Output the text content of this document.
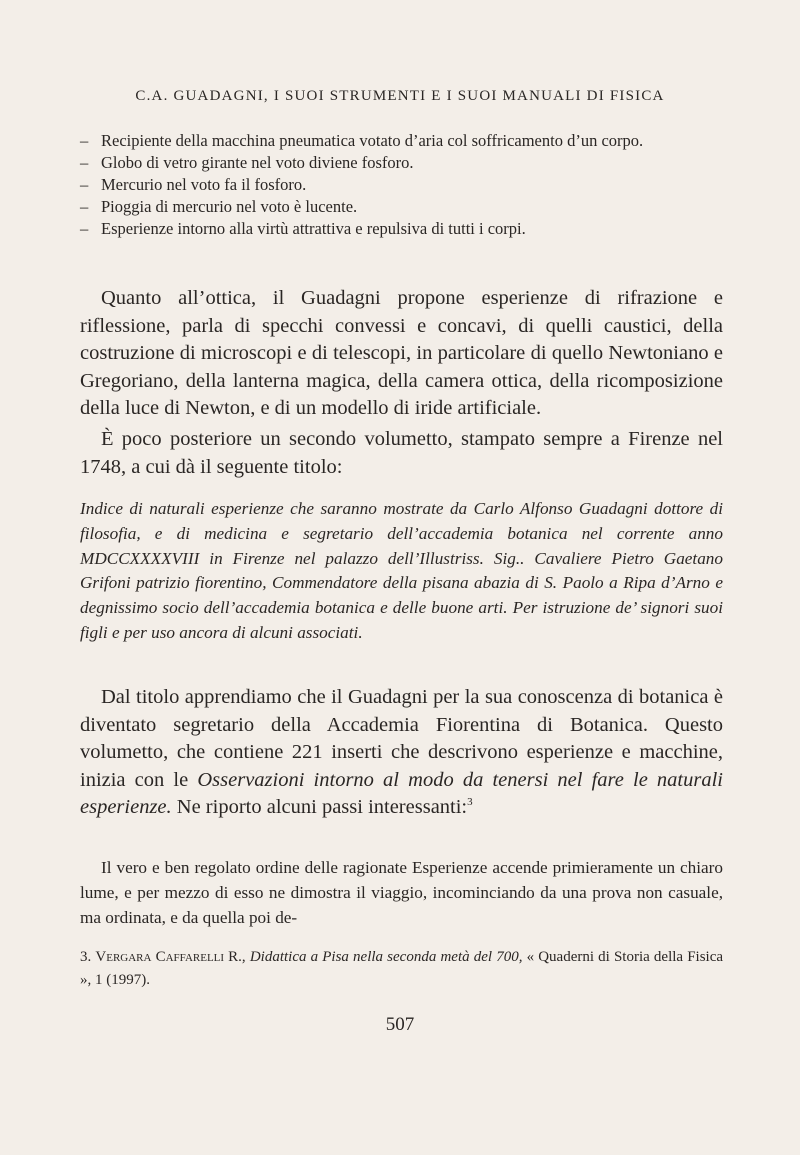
C.A. GUADAGNI, I SUOI STRUMENTI E I SUOI MANUALI DI FISICA
– Recipiente della macchina pneumatica votato d’aria col soffricamento d’un corpo.
– Globo di vetro girante nel voto diviene fosforo.
– Mercurio nel voto fa il fosforo.
– Pioggia di mercurio nel voto è lucente.
– Esperienze intorno alla virtù attrattiva e repulsiva di tutti i corpi.
Quanto all’ottica, il Guadagni propone esperienze di rifrazione e riflessione, parla di specchi convessi e concavi, di quelli caustici, della costruzione di microscopi e di telescopi, in particolare di quello Newtoniano e Gregoriano, della lanterna magica, della camera ottica, della ricomposizione della luce di Newton, e di un modello di iride artificiale.
È poco posteriore un secondo volumetto, stampato sempre a Firenze nel 1748, a cui dà il seguente titolo:
Indice di naturali esperienze che saranno mostrate da Carlo Alfonso Guadagni dottore di filosofia, e di medicina e segretario dell’accademia botanica nel corrente anno MDCCXXXXVIII in Firenze nel palazzo dell’Illustriss. Sig.. Cavaliere Pietro Gaetano Grifoni patrizio fiorentino, Commendatore della pisana abazia di S. Paolo a Ripa d’Arno e degnissimo socio dell’accademia botanica e delle buone arti. Per istruzione de’ signori suoi figli e per uso ancora di alcuni associati.
Dal titolo apprendiamo che il Guadagni per la sua conoscenza di botanica è diventato segretario della Accademia Fiorentina di Botanica. Questo volumetto, che contiene 221 inserti che descrivono esperienze e macchine, inizia con le Osservazioni intorno al modo da tenersi nel fare le naturali esperienze. Ne riporto alcuni passi interessanti:$^3$
Il vero e ben regolato ordine delle ragionate Esperienze accende primieramente un chiaro lume, e per mezzo di esso ne dimostra il viaggio, incominciando da una prova non casuale, ma ordinata, e da quella poi de-
3. Vergara Caffarelli R., Didattica a Pisa nella seconda metà del 700, « Quaderni di Storia della Fisica », 1 (1997).
507
